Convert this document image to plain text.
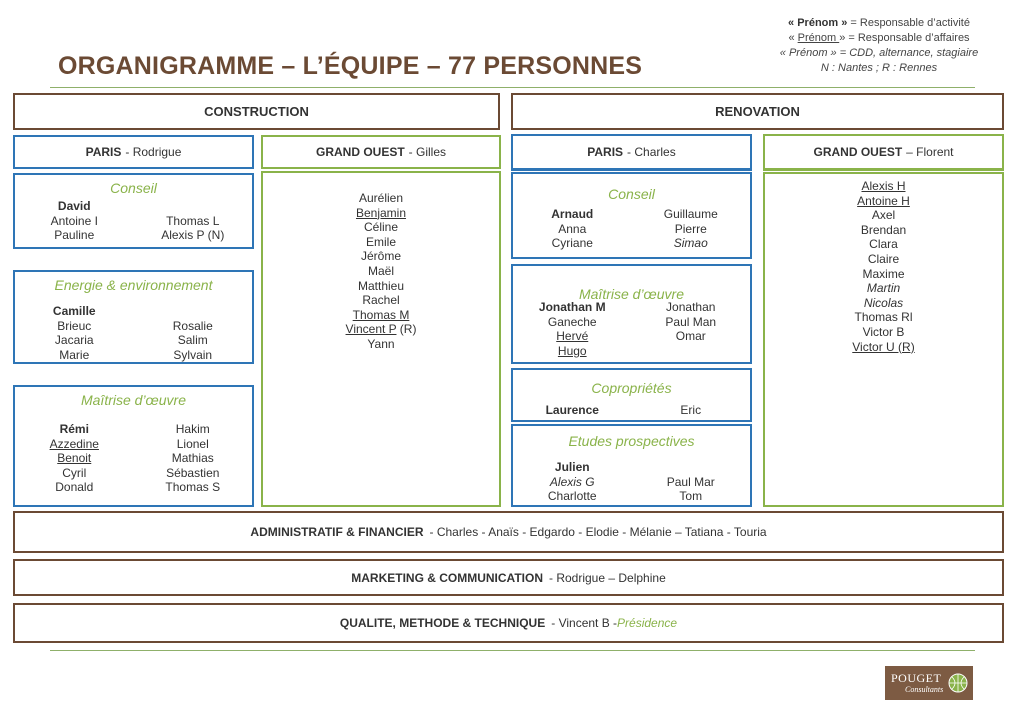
ORGANIGRAMME – L’ÉQUIPE – 77 PERSONNES
« Prénom » = Responsable d’activité
« Prénom » = Responsable d’affaires
« Prénom » = CDD, alternance, stagiaire
N : Nantes ; R : Rennes
CONSTRUCTION	RENOVATION
PARIS - Rodrigue	GRAND OUEST - Gilles
Conseil
David
Antoine I
Pauline

Thomas L
Alexis P (N)
Energie & environnement
Camille
Brieuc
Jacaria
Marie

Rosalie
Salim
Sylvain
Maîtrise d’œuvre
Rémi
Azzedine
Benoit
Cyril
Donald
Hakim
Lionel
Mathias
Sébastien
Thomas S
Aurélien
Benjamin
Céline
Emile
Jérôme
Maël
Matthieu
Rachel
Thomas M
Vincent P (R)
Yann
PARIS - Charles	GRAND OUEST – Florent
Conseil
Arnaud
Anna
Cyriane
Guillaume
Pierre
Simao
Maîtrise d’œuvre
Jonathan M
Ganeche
Hervé
Hugo
Jonathan
Paul Man
Omar
Copropriétés
Laurence	Eric
Etudes prospectives
Julien
Alexis G
Charlotte

Paul Mar
Tom
Alexis H
Antoine H
Axel
Brendan
Clara
Claire
Maxime
Martin
Nicolas
Thomas Rl
Victor B
Victor U (R)
ADMINISTRATIF & FINANCIER - Charles - Anaïs - Edgardo - Elodie - Mélanie – Tatiana - Touria
MARKETING & COMMUNICATION - Rodrigue – Delphine
QUALITE, METHODE & TECHNIQUE - Vincent B - Présidence
POUGET
Consultants
